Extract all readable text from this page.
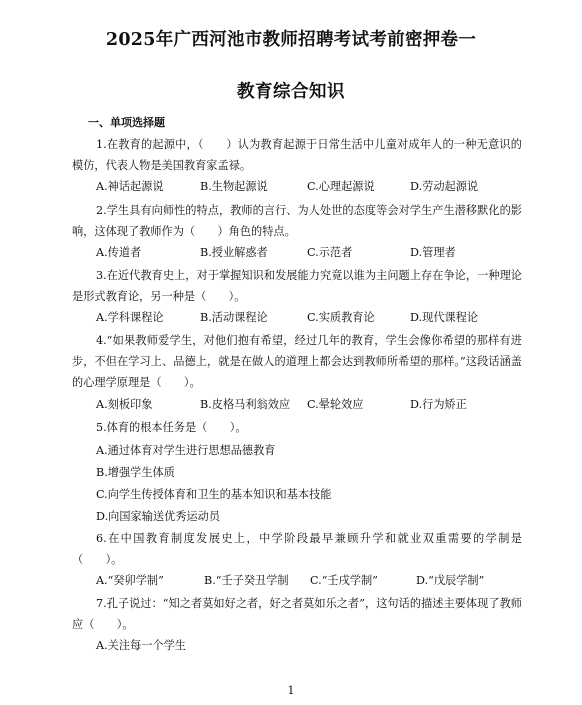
2025年广西河池市教师招聘考试考前密押卷一
教育综合知识
一、单项选择题
1.在教育的起源中，（　　）认为教育起源于日常生活中儿童对成年人的一种无意识的模仿，代表人物是美国教育家孟禄。
A.神话起源说	B.生物起源说	C.心理起源说	D.劳动起源说
2.学生具有向师性的特点，教师的言行、为人处世的态度等会对学生产生潜移默化的影响，这体现了教师作为（　　）角色的特点。
A.传道者	B.授业解惑者	C.示范者	D.管理者
3.在近代教育史上，对于掌握知识和发展能力究竟以谁为主问题上存在争论，一种理论是形式教育论，另一种是（　　）。
A.学科课程论	B.活动课程论	C.实质教育论	D.现代课程论
4.“如果教师爱学生，对他们抱有希望，经过几年的教育，学生会像你希望的那样有进步，不但在学习上、品德上，就是在做人的道理上都会达到教师所希望的那样。”这段话涵盖的心理学原理是（　　）。
A.刻板印象	B.皮格马利翁效应 C.晕轮效应	D.行为矫正
5.体育的根本任务是（　　）。
A.通过体育对学生进行思想品德教育
B.增强学生体质
C.向学生传授体育和卫生的基本知识和基本技能
D.向国家输送优秀运动员
6.在中国教育制度发展史上，中学阶段最早兼顾升学和就业双重需要的学制是（　　）。
A.“癸卯学制”	B.“壬子癸丑学制 C.“壬戌学制”	D.“戊辰学制”
7.孔子说过：“知之者莫如好之者，好之者莫如乐之者”，这句话的描述主要体现了教师应（　　）。
A.关注每一个学生
1
